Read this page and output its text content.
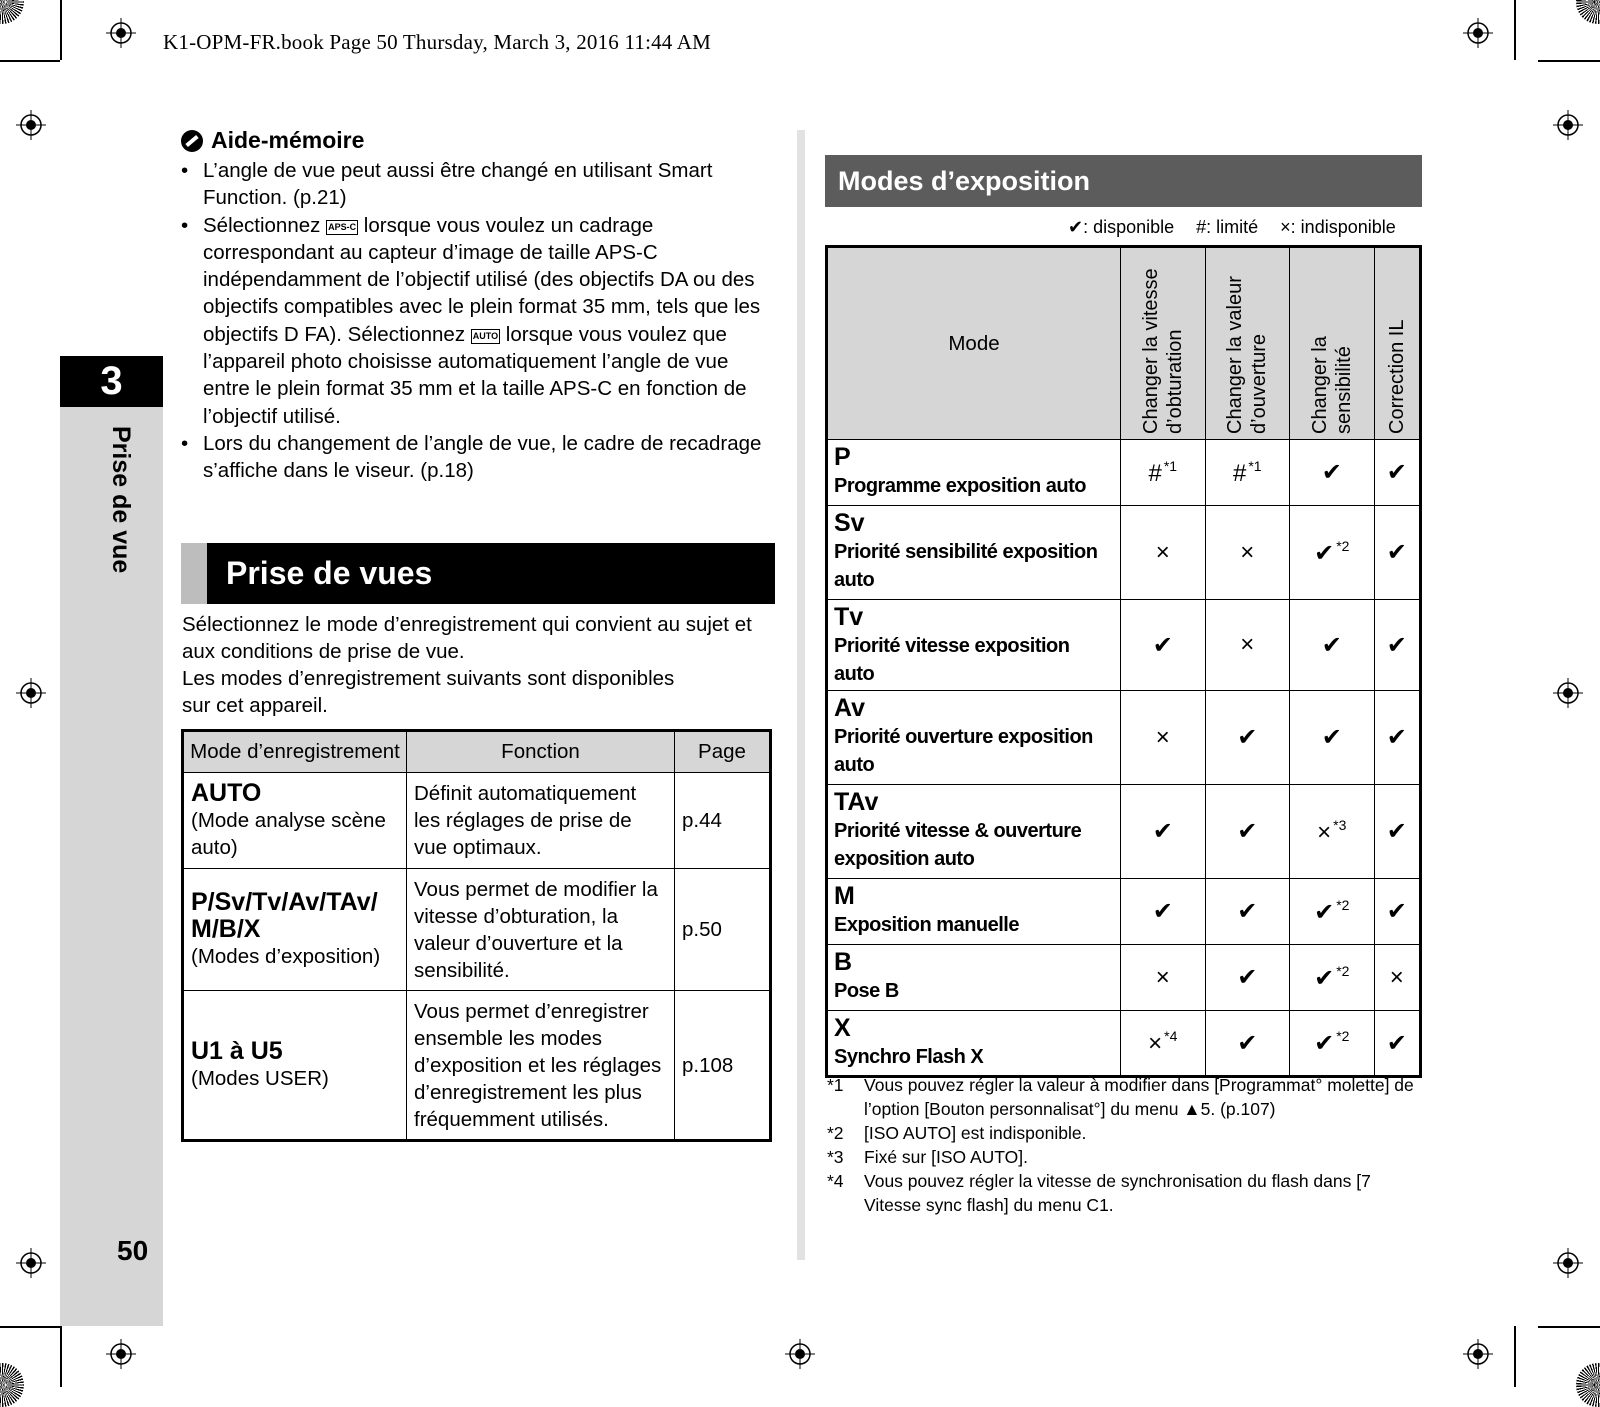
K1-OPM-FR.book Page 50 Thursday, March 3, 2016 11:44 AM
3
Prise de vue
50
Aide-mémoire
• L’angle de vue peut aussi être changé en utilisant Smart Function. (p.21)
• Sélectionnez APS-C lorsque vous voulez un cadrage correspondant au capteur d’image de taille APS-C indépendamment de l’objectif utilisé (des objectifs DA ou des objectifs compatibles avec le plein format 35 mm, tels que les objectifs D FA). Sélectionnez AUTO lorsque vous voulez que l’appareil photo choisisse automatiquement l’angle de vue entre le plein format 35 mm et la taille APS-C en fonction de l’objectif utilisé.
• Lors du changement de l’angle de vue, le cadre de recadrage s’affiche dans le viseur. (p.18)
Prise de vues
Sélectionnez le mode d’enregistrement qui convient au sujet et aux conditions de prise de vue.
Les modes d’enregistrement suivants sont disponibles sur cet appareil.
Mode d’enregistrement	Fonction	Page

AUTO
(Mode analyse scène auto)	Définit automatiquement les réglages de prise de vue optimaux.	p.44

P/Sv/Tv/Av/TAv/ M/B/X
(Modes d’exposition)	Vous permet de modifier la vitesse d’obturation, la valeur d’ouverture et la sensibilité.	p.50

U1 à U5
(Modes USER)	Vous permet d’enregistrer ensemble les modes d’exposition et les réglages d’enregistrement les plus fréquemment utilisés.	p.108
Modes d’exposition
✔: disponible #: limité ×: indisponible
Mode	Changer la vitesse d’obturation	Changer la valeur d’ouverture	Changer la sensibilité	Correction IL

P
Programme exposition auto	# $^{*1}$	# $^{*1}$	✔	✔

Sv
Priorité sensibilité exposition auto	×	×	✔ $^{*2}$	✔

Tv
Priorité vitesse exposition auto	✔	×	✔	✔

Av
Priorité ouverture exposition auto	×	✔	✔	✔

TAv
Priorité vitesse & ouverture exposition auto	✔	✔	× $^{*3}$	✔

M
Exposition manuelle	✔	✔	✔ $^{*2}$	✔

B
Pose B	×	✔	✔ $^{*2}$	×

X
Synchro Flash X	× $^{*4}$	✔	✔ $^{*2}$	✔
*1 Vous pouvez régler la valeur à modifier dans [Programmat° molette] de l’option [Bouton personnalisat°] du menu ▲5. (p.107)
*2 [ISO AUTO] est indisponible.
*3 Fixé sur [ISO AUTO].
*4 Vous pouvez régler la vitesse de synchronisation du flash dans [7 Vitesse sync flash] du menu C1.
